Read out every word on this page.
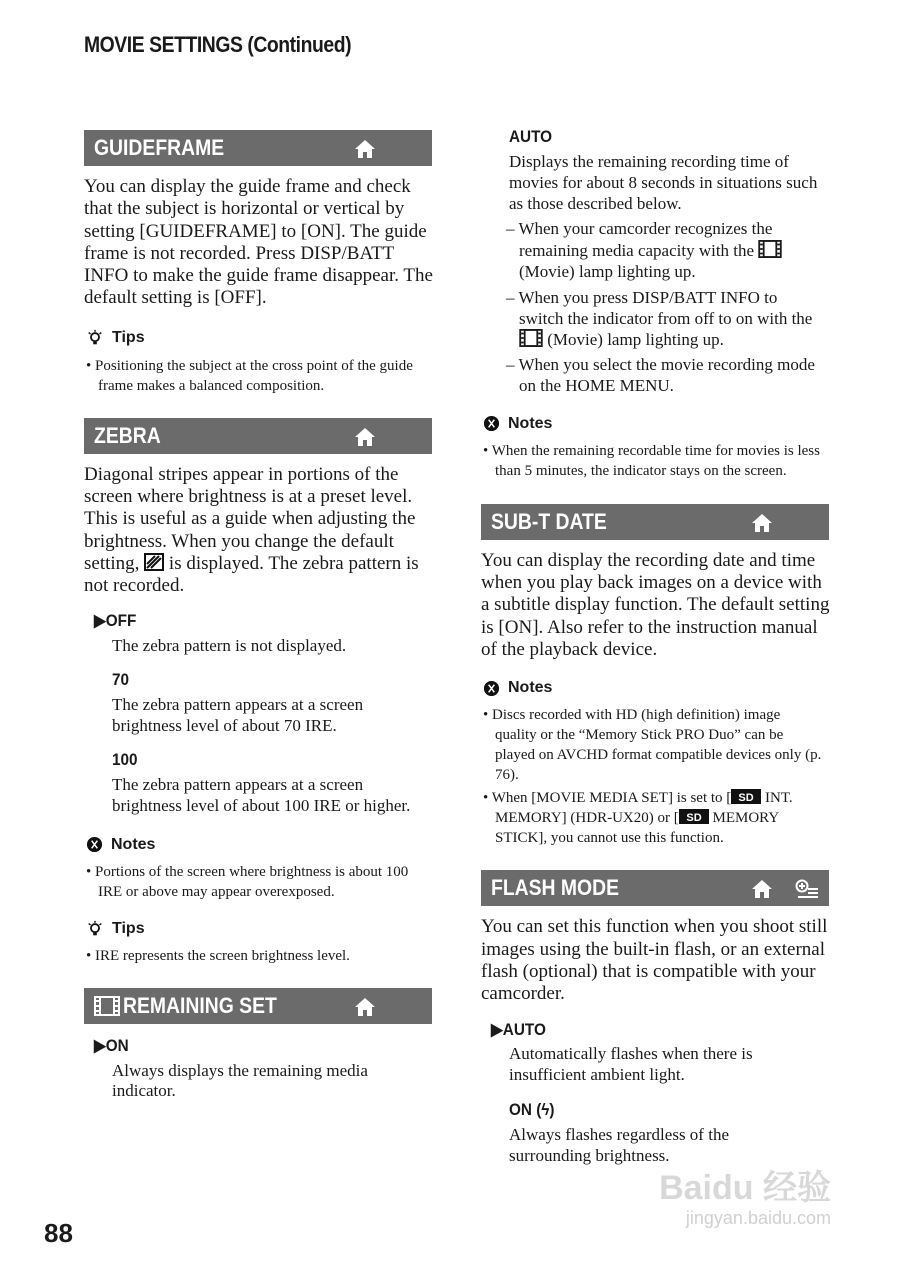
MOVIE SETTINGS (Continued)
GUIDEFRAME
You can display the guide frame and check that the subject is horizontal or vertical by setting [GUIDEFRAME] to [ON]. The guide frame is not recorded. Press DISP/BATT INFO to make the guide frame disappear. The default setting is [OFF].
Tips
• Positioning the subject at the cross point of the guide frame makes a balanced composition.
ZEBRA
Diagonal stripes appear in portions of the screen where brightness is at a preset level. This is useful as a guide when adjusting the brightness. When you change the default setting, is displayed. The zebra pattern is not recorded.
▶OFF
The zebra pattern is not displayed.
70
The zebra pattern appears at a screen brightness level of about 70 IRE.
100
The zebra pattern appears at a screen brightness level of about 100 IRE or higher.
Notes
• Portions of the screen where brightness is about 100 IRE or above may appear overexposed.
Tips
• IRE represents the screen brightness level.
REMAINING SET
▶ON
Always displays the remaining media indicator.
AUTO
Displays the remaining recording time of movies for about 8 seconds in situations such as those described below.
– When your camcorder recognizes the remaining media capacity with the  (Movie) lamp lighting up.
– When you press DISP/BATT INFO to switch the indicator from off to on with the  (Movie) lamp lighting up.
– When you select the movie recording mode on the HOME MENU.
Notes
• When the remaining recordable time for movies is less than 5 minutes, the indicator stays on the screen.
SUB-T DATE
You can display the recording date and time when you play back images on a device with a subtitle display function. The default setting is [ON]. Also refer to the instruction manual of the playback device.
Notes
• Discs recorded with HD (high definition) image quality or the “Memory Stick PRO Duo” can be played on AVCHD format compatible devices only (p. 76).
• When [MOVIE MEDIA SET] is set to [ SD INT. MEMORY] (HDR-UX20) or [ SD MEMORY STICK], you cannot use this function.
FLASH MODE
You can set this function when you shoot still images using the built-in flash, or an external flash (optional) that is compatible with your camcorder.
▶AUTO
Automatically flashes when there is insufficient ambient light.
ON (ϟ)
Always flashes regardless of the surrounding brightness.
Baidu 经验
jingyan.baidu.com
88
